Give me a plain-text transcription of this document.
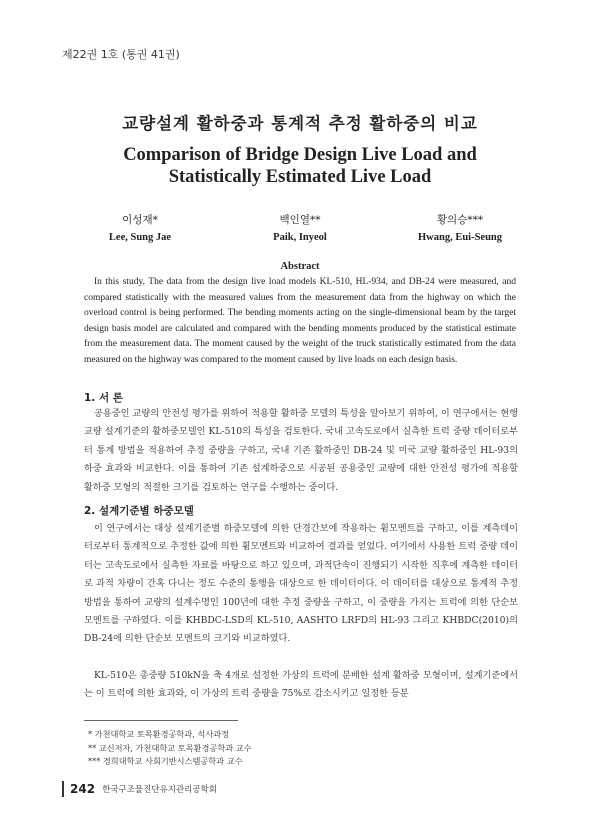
제22권 1호 (통권 41권)
교량설계 활하중과 통계적 추정 활하중의 비교
Comparison of Bridge Design Live Load and
Statistically Estimated Live Load
이성재*
Lee, Sung Jae
백인열**
Paik, Inyeol
황의승***
Hwang, Eui-Seung
Abstract

In this study, The data from the design live load models KL-510, HL-934, and DB-24 were measured, and compared statistically with the measured values from the measurement data from the highway on which the overload control is being performed. The bending moments acting on the single-dimensional beam by the target design basis model are calculated and compared with the bending moments produced by the statistical estimate from the measurement data. The moment caused by the weight of the truck statistically estimated from the data measured on the highway was compared to the moment caused by live loads on each design basis.

1. 서 론

공용중인 교량의 안전성 평가를 위하여 적용할 활하중 모델의 특성을 알아보기 위하여, 이 연구에서는 현행 교량 설계기준의 활하중모델인 KL-510의 특성을 검토한다. 국내 고속도로에서 실측한 트럭 중량 데이터로부터 통계 방법을 적용하여 추정 중량을 구하고, 국내 기존 활하중인 DB-24 및 미국 교량 활하중인 HL-93의 하중 효과와 비교한다. 이를 통하여 기존 설계하중으로 시공된 공용중인 교량에 대한 안전성 평가에 적용할 활하중 모형의 적절한 크기를 검토하는 연구를 수행하는 중이다.

2. 설계기준별 하중모델

이 연구에서는 대상 설계기준별 하중모델에 의한 단경간보에 작용하는 휨모멘트를 구하고, 이를 계측데이터로부터 통계적으로 추정한 값에 의한 휨모멘트와 비교하여 결과를 얻었다. 여기에서 사용한 트럭 중량 데이터는 고속도로에서 실측한 자료를 바탕으로 하고 있으며, 과적단속이 진행되기 시작한 직후에 계측한 데이터로 과적 차량이 간혹 다니는 정도 수준의 통행을 대상으로 한 데이터이다. 이 데이터를 대상으로 통계적 추정 방법을 통하여 교량의 설계수명인 100년에 대한 추정 중량을 구하고, 이 중량을 가지는 트럭에 의한 단순보 모멘트를 구하였다. 이를 KHBDC-LSD의 KL-510, AASHTO LRFD의 HL-93 그리고 KHBDC(2010)의 DB-24에 의한 단순보 모멘트의 크기와 비교하였다.

KL-510은 총중량 510kN을 축 4개로 설정한 가상의 트럭에 분배한 설계 활하중 모형이며, 설계기준에서는 이 트럭에 의한 효과와, 이 가상의 트럭 중량을 75%로 감소시키고 일정한 등분

* 가천대학교 토목환경공학과, 석사과정
** 교신저자, 가천대학교 토목환경공학과 교수
*** 경희대학교 사회기반시스템공학과 교수
242 한국구조물진단유지관리공학회
